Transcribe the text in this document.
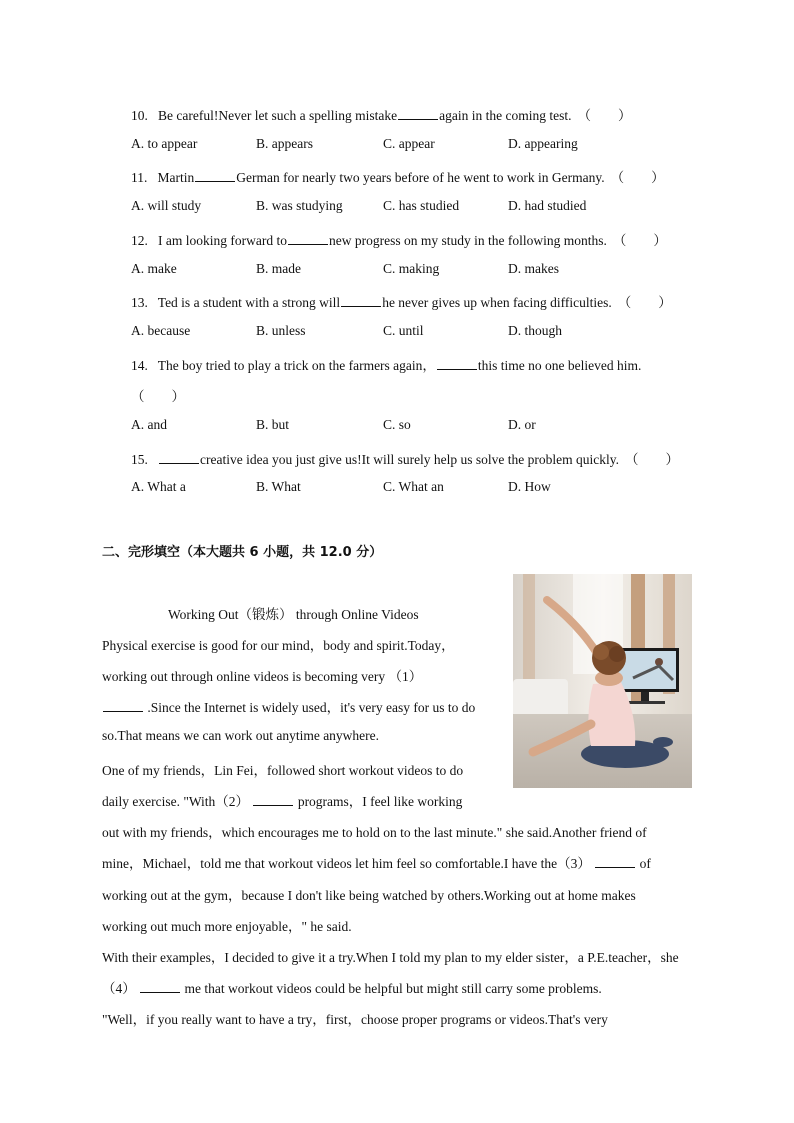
10. Be careful!Never let such a spelling mistake	again in the coming test. （　　）
A. to appear	B. appears	C. appear	D. appearing
11. Martin	German for nearly two years before of he went to work in Germany. （　　）
A. will study	B. was studying	C. has studied	D. had studied
12. I am looking forward to	new progress on my study in the following months. （　　）
A. make	B. made	C. making	D. makes
13. Ted is a student with a strong will	he never gives up when facing difficulties. （　　）
A. because	B. unless	C. until	D. though
14. The boy tried to play a trick on the farmers again，	this time no one believed him.
（　　）
A. and	B. but	C. so	D. or
15.	creative idea you just give us!It will surely help us solve the problem quickly. （　　）
A. What a	B. What	C. What an	D. How
二、完形填空（本大题共 6 小题，共 12.0 分）
Working Out（锻炼） through Online Videos
Physical exercise is good for our mind，body and spirit.Today，
working out through online videos is becoming very （1）
.Since the Internet is widely used，it's very easy for us to do
so.That means we can work out anytime anywhere.
One of my friends，Lin Fei，followed short workout videos to do
daily exercise. "With（2）	programs，I feel like working
out with my friends，which encourages me to hold on to the last minute." she said.Another friend of
mine，Michael，told me that workout videos let him feel so comfortable.I have the（3）	of
working out at the gym，because I don't like being watched by others.Working out at home makes
working out much more enjoyable，" he said.
With their examples，I decided to give it a try.When I told my plan to my elder sister，a P.E.teacher，she
（4）	me that workout videos could be helpful but might still carry some problems.
"Well，if you really want to have a try，first，choose proper programs or videos.That's very
